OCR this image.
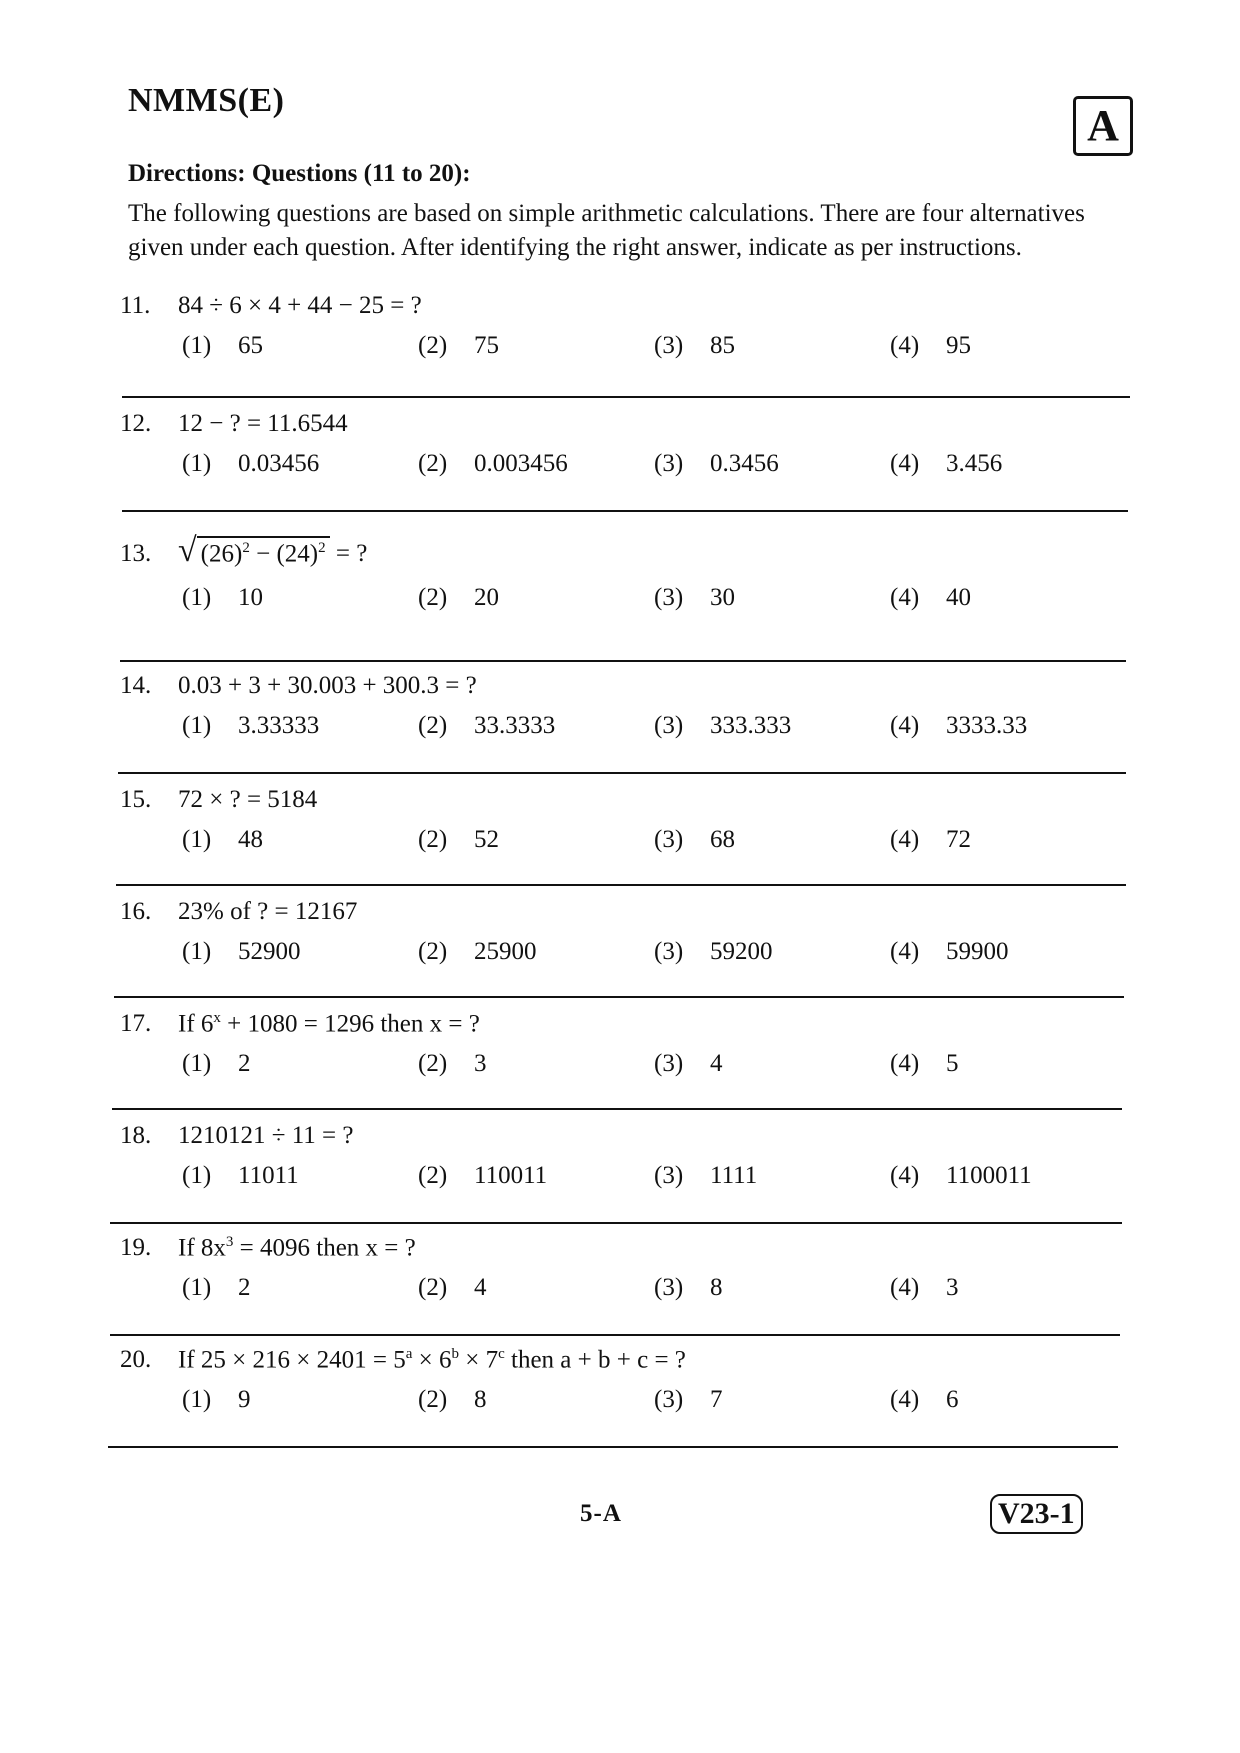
NMMS(E)
A
Directions: Questions (11 to 20):
The following questions are based on simple arithmetic calculations. There are four alternatives given under each question. After identifying the right answer, indicate as per instructions.
11.	84 ÷ 6 × 4 + 44 − 25 = ?
(1)	65	(2)	75	(3)	85	(4)	95
12.	12 − ? = 11.6544
(1)	0.03456	(2)	0.003456	(3)	0.3456	(4)	3.456
13. √ $(26)^2 - (24)^2$
= ?
(1)	10	(2)	20	(3)	30	(4)	40
14.	0.03 + 3 + 30.003 + 300.3 = ?
(1)	3.33333	(2)	33.3333	(3)	333.333	(4)	3333.33
15.	72 × ? = 5184
(1)	48	(2)	52	(3)	68	(4)	72
16.	23% of ? = 12167
(1)	52900	(2)	25900	(3)	59200	(4)	59900
17.	If $6^x + 1080 = 1296$ then x = ?
(1)	2	(2)	3	(3)	4	(4)	5
18.	1210121 ÷ 11 = ?
(1)	11011	(2)	110011	(3)	1111	(4)	1100011
19.	If $8x^3 = 4096$ then x = ?
(1)	2	(2)	4	(3)	8	(4)	3
20.	If $25 \times 216 \times 2401 = 5^a \times 6^b \times 7^c$ then a + b + c = ?
(1)	9	(2)	8	(3)	7	(4)	6
5-A	V23-1
